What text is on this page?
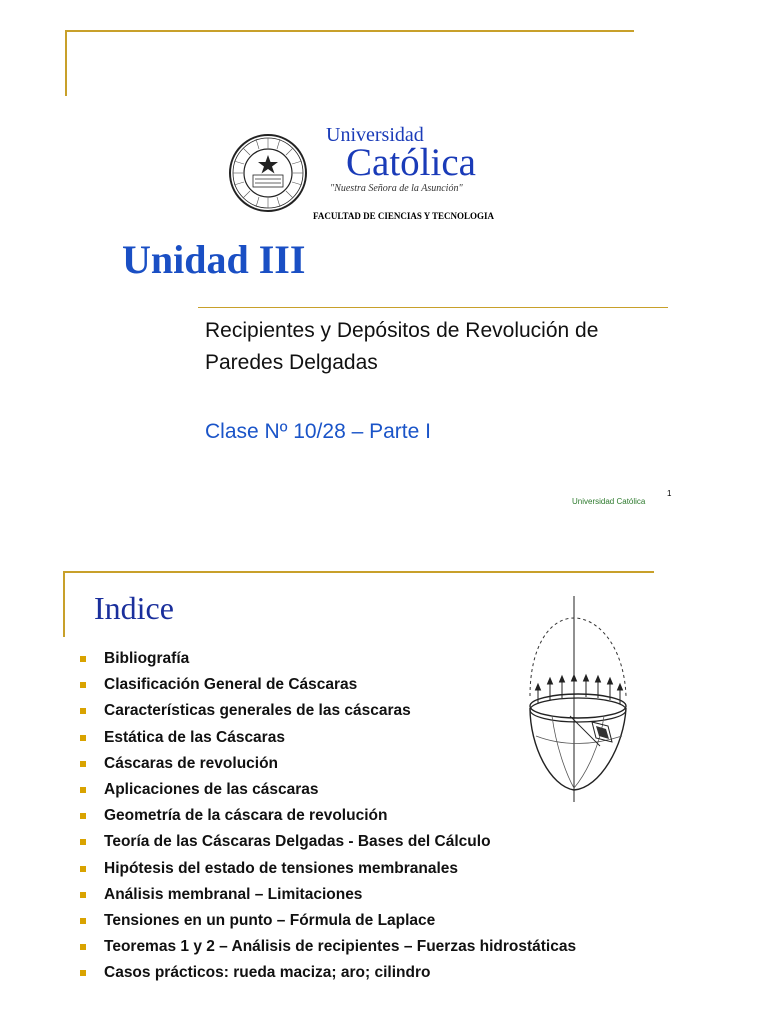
Universidad
Católica
"Nuestra Señora de la Asunción"
FACULTAD DE CIENCIAS Y TECNOLOGIA
Unidad III
Recipientes y Depósitos de Revolución de Paredes Delgadas
Clase Nº 10/28 – Parte I
Universidad Católica
1
Indice
Bibliografía
Clasificación General de Cáscaras
Características generales de las cáscaras
Estática de las Cáscaras
Cáscaras de revolución
Aplicaciones de las cáscaras
Geometría de la cáscara de revolución
Teoría de las Cáscaras Delgadas - Bases del Cálculo
Hipótesis del estado de tensiones membranales
Análisis membranal – Limitaciones
Tensiones en un punto – Fórmula de Laplace
Teoremas 1 y 2 – Análisis de recipientes – Fuerzas hidrostáticas
Casos prácticos: rueda maciza; aro; cilindro
